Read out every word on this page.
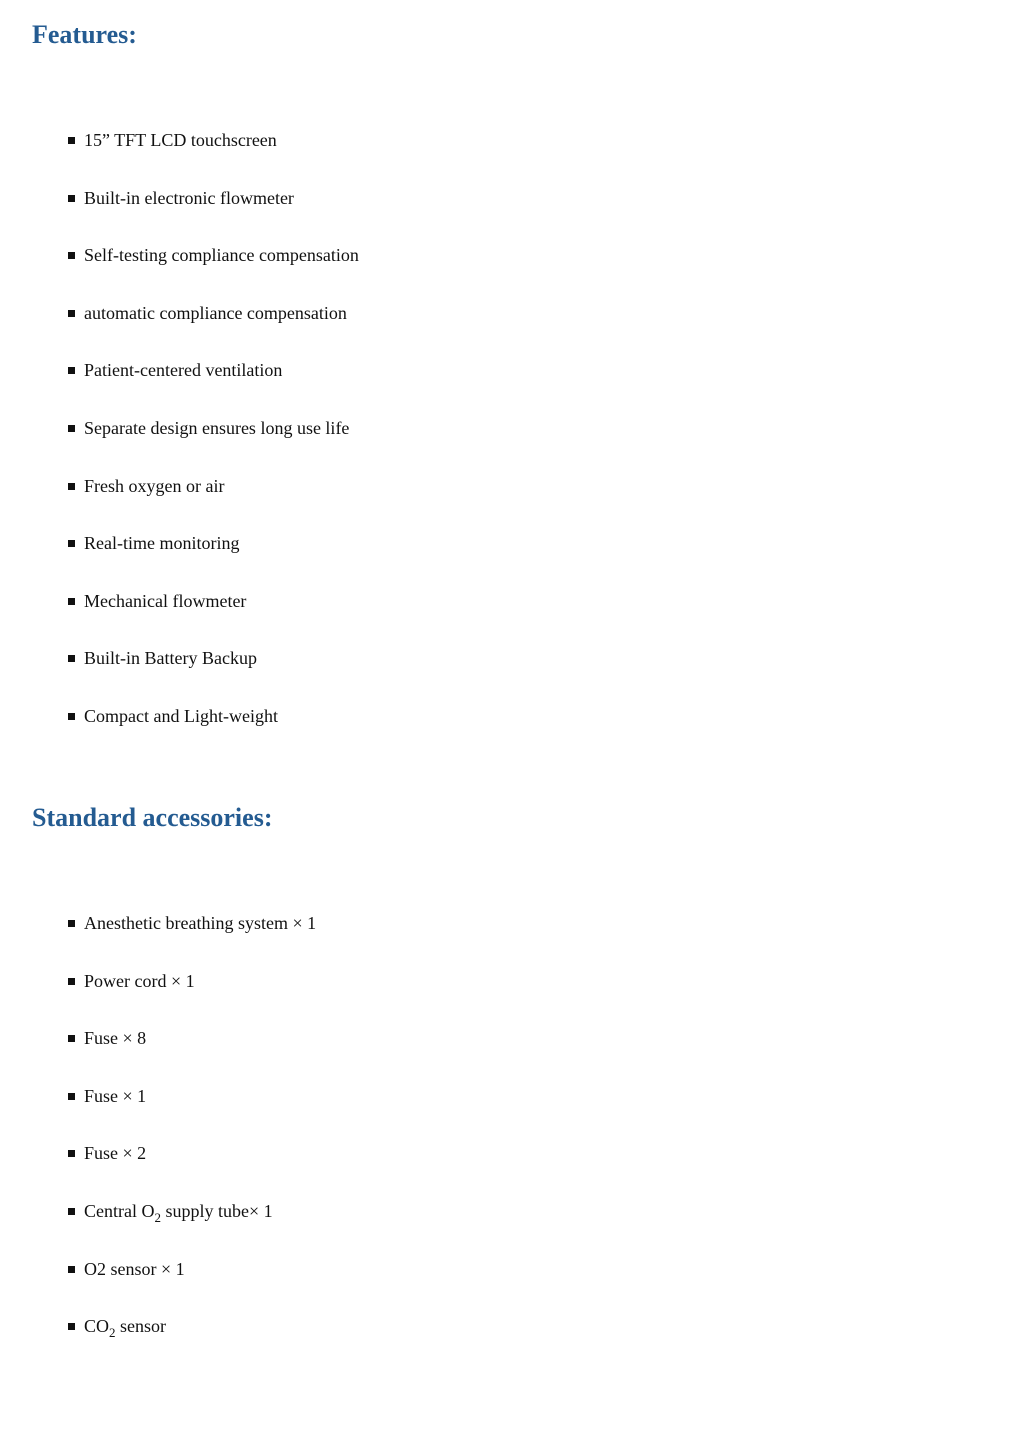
Features:
15” TFT LCD touchscreen
Built-in electronic flowmeter
Self-testing compliance compensation
automatic compliance compensation
Patient-centered ventilation
Separate design ensures long use life
Fresh oxygen or air
Real-time monitoring
Mechanical flowmeter
Built-in Battery Backup
Compact and Light-weight
Standard accessories:
Anesthetic breathing system × 1
Power cord × 1
Fuse × 8
Fuse × 1
Fuse × 2
Central $O_2$ supply tube× 1
O2 sensor × 1
$CO_2$ sensor
